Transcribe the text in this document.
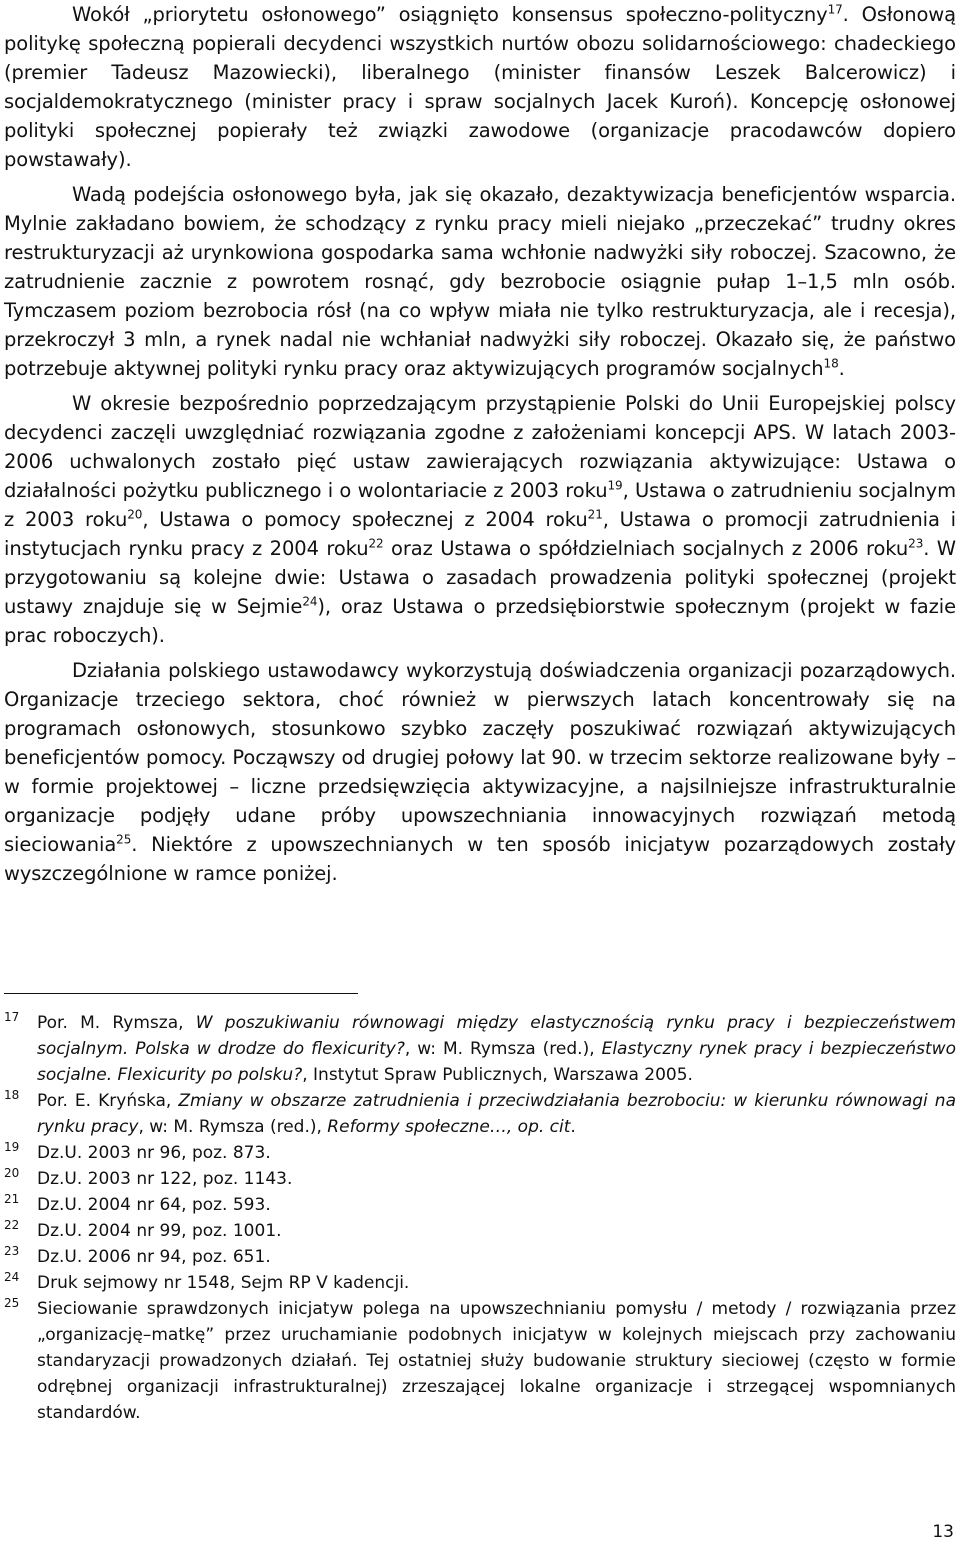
Wokół „priorytetu osłonowego” osiągnięto konsensus społeczno-polityczny$^{17}$. Osłonową politykę społeczną popierali decydenci wszystkich nurtów obozu solidarnościowego: chadeckiego (premier Tadeusz Mazowiecki), liberalnego (minister finansów Leszek Balcerowicz) i socjaldemokratycznego (minister pracy i spraw socjalnych Jacek Kuroń). Koncepcję osłonowej polityki społecznej popierały też związki zawodowe (organizacje pracodawców dopiero powstawały).

Wadą podejścia osłonowego była, jak się okazało, dezaktywizacja beneficjentów wsparcia. Mylnie zakładano bowiem, że schodzący z rynku pracy mieli niejako „przeczekać” trudny okres restrukturyzacji aż urynkowiona gospodarka sama wchłonie nadwyżki siły roboczej. Szacowno, że zatrudnienie zacznie z powrotem rosnąć, gdy bezrobocie osiągnie pułap 1–1,5 mln osób. Tymczasem poziom bezrobocia rósł (na co wpływ miała nie tylko restrukturyzacja, ale i recesja), przekroczył 3 mln, a rynek nadal nie wchłaniał nadwyżki siły roboczej. Okazało się, że państwo potrzebuje aktywnej polityki rynku pracy oraz aktywizujących programów socjalnych$^{18}$.

W okresie bezpośrednio poprzedzającym przystąpienie Polski do Unii Europejskiej polscy decydenci zaczęli uwzględniać rozwiązania zgodne z założeniami koncepcji APS. W latach 2003-2006 uchwalonych zostało pięć ustaw zawierających rozwiązania aktywizujące: Ustawa o działalności pożytku publicznego i o wolontariacie z 2003 roku$^{19}$, Ustawa o zatrudnieniu socjalnym z 2003 roku$^{20}$, Ustawa o pomocy społecznej z 2004 roku$^{21}$, Ustawa o promocji zatrudnienia i instytucjach rynku pracy z 2004 roku$^{22}$ oraz Ustawa o spółdzielniach socjalnych z 2006 roku$^{23}$. W przygotowaniu są kolejne dwie: Ustawa o zasadach prowadzenia polityki społecznej (projekt ustawy znajduje się w Sejmie$^{24}$), oraz Ustawa o przedsiębiorstwie społecznym (projekt w fazie prac roboczych).

Działania polskiego ustawodawcy wykorzystują doświadczenia organizacji pozarządowych. Organizacje trzeciego sektora, choć również w pierwszych latach koncentrowały się na programach osłonowych, stosunkowo szybko zaczęły poszukiwać rozwiązań aktywizujących beneficjentów pomocy. Począwszy od drugiej połowy lat 90. w trzecim sektorze realizowane były – w formie projektowej – liczne przedsięwzięcia aktywizacyjne, a najsilniejsze infrastrukturalnie organizacje podjęły udane próby upowszechniania innowacyjnych rozwiązań metodą sieciowania$^{25}$. Niektóre z upowszechnianych w ten sposób inicjatyw pozarządowych zostały wyszczególnione w ramce poniżej.

17 Por. M. Rymsza, W poszukiwaniu równowagi między elastycznością rynku pracy i bezpieczeństwem socjalnym. Polska w drodze do flexicurity?, w: M. Rymsza (red.), Elastyczny rynek pracy i bezpieczeństwo socjalne. Flexicurity po polsku?, Instytut Spraw Publicznych, Warszawa 2005.

18 Por. E. Kryńska, Zmiany w obszarze zatrudnienia i przeciwdziałania bezrobociu: w kierunku równowagi na rynku pracy, w: M. Rymsza (red.), Reformy społeczne…, op. cit.

19 Dz.U. 2003 nr 96, poz. 873.

20 Dz.U. 2003 nr 122, poz. 1143.

21 Dz.U. 2004 nr 64, poz. 593.

22 Dz.U. 2004 nr 99, poz. 1001.

23 Dz.U. 2006 nr 94, poz. 651.

24 Druk sejmowy nr 1548, Sejm RP V kadencji.

25 Sieciowanie sprawdzonych inicjatyw polega na upowszechnianiu pomysłu / metody / rozwiązania przez „organizację–matkę” przez uruchamianie podobnych inicjatyw w kolejnych miejscach przy zachowaniu standaryzacji prowadzonych działań. Tej ostatniej służy budowanie struktury sieciowej (często w formie odrębnej organizacji infrastrukturalnej) zrzeszającej lokalne organizacje i strzegącej wspomnianych standardów.

13
